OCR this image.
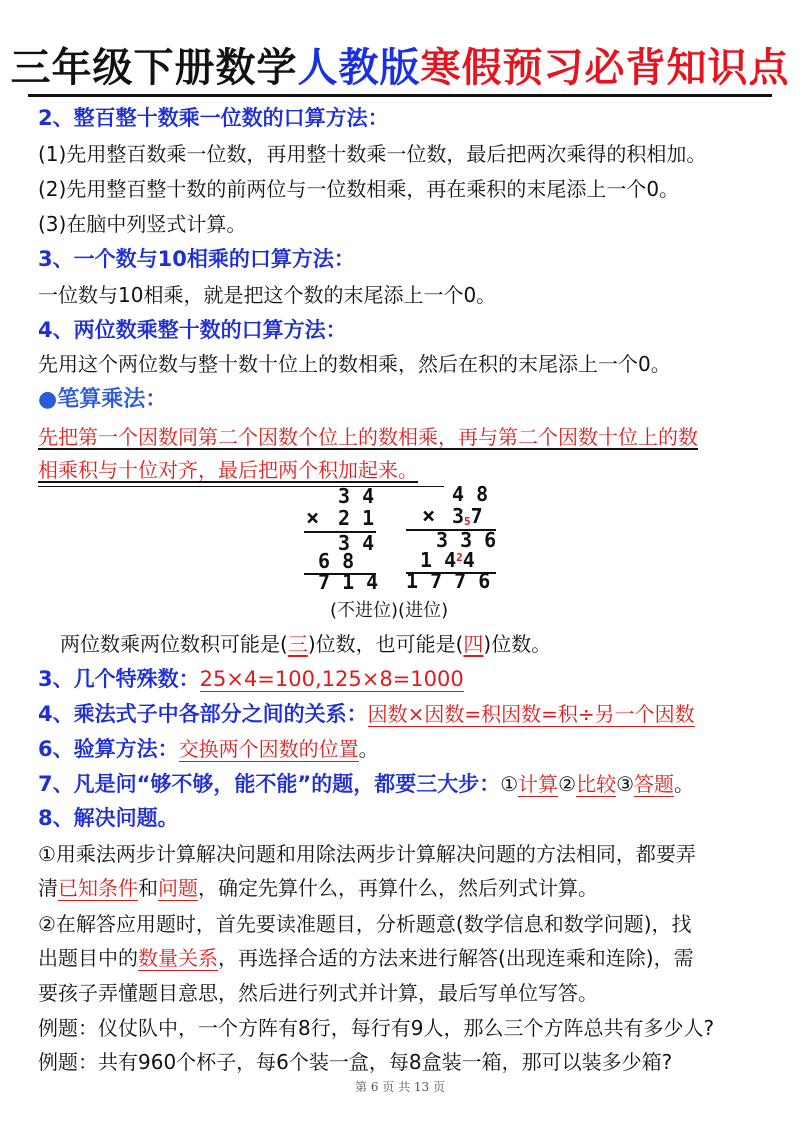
三年级下册数学人教版寒假预习必背知识点
2、整百整十数乘一位数的口算方法：
(1)先用整百数乘一位数，再用整十数乘一位数，最后把两次乘得的积相加。
(2)先用整百整十数的前两位与一位数相乘，再在乘积的末尾添上一个0。
(3)在脑中列竖式计算。
3、一个数与10相乘的口算方法：
一位数与10相乘，就是把这个数的末尾添上一个0。
4、两位数乘整十数的口算方法：
先用这个两位数与整十数十位上的数相乘，然后在积的末尾添上一个0。
●笔算乘法：
先把第一个因数同第二个因数个位上的数相乘，再与第二个因数十位上的数
相乘积与十位对齐，最后把两个积加起来。
3 4
× 2 1
3 4
6 8
7 1 4
4 8
× 357
3 3 6
1 $4^24$
1 7 7 6
(不进位)(进位)
两位数乘两位数积可能是(三)位数，也可能是(四)位数。
3、几个特殊数：25×4=100,125×8=1000
4、乘法式子中各部分之间的关系：因数×因数=积因数=积÷另一个因数
6、验算方法：交换两个因数的位置。
7、凡是问“够不够，能不能”的题，都要三大步：①计算②比较③答题。
8、解决问题。
①用乘法两步计算解决问题和用除法两步计算解决问题的方法相同，都要弄
清已知条件和问题，确定先算什么，再算什么，然后列式计算。
②在解答应用题时，首先要读准题目，分析题意(数学信息和数学问题)，找
出题目中的数量关系，再选择合适的方法来进行解答(出现连乘和连除)，需
要孩子弄懂题目意思，然后进行列式并计算，最后写单位写答。
例题：仪仗队中，一个方阵有8行，每行有9人，那么三个方阵总共有多少人?
例题：共有960个杯子，每6个装一盒，每8盒装一箱，那可以装多少箱?
第 6 页 共 13 页
